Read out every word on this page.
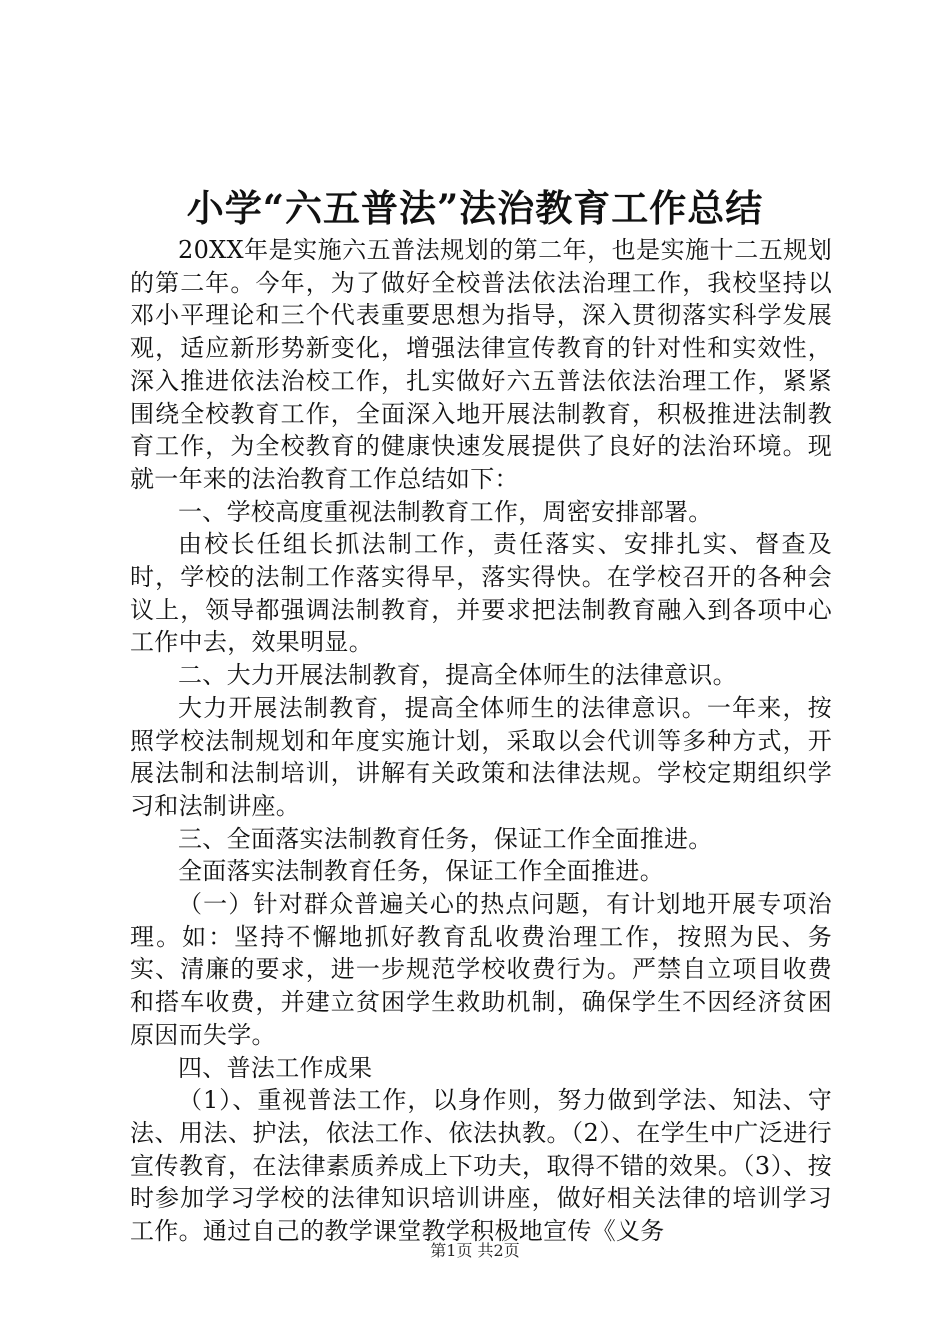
小学“六五普法”法治教育工作总结

20XX年是实施六五普法规划的第二年，也是实施十二五规划的第二年。今年，为了做好全校普法依法治理工作，我校坚持以邓小平理论和三个代表重要思想为指导，深入贯彻落实科学发展观，适应新形势新变化，增强法律宣传教育的针对性和实效性，深入推进依法治校工作，扎实做好六五普法依法治理工作，紧紧围绕全校教育工作，全面深入地开展法制教育，积极推进法制教育工作，为全校教育的健康快速发展提供了良好的法治环境。现就一年来的法治教育工作总结如下：

一、学校高度重视法制教育工作，周密安排部署。

由校长任组长抓法制工作，责任落实、安排扎实、督查及时，学校的法制工作落实得早，落实得快。在学校召开的各种会议上，领导都强调法制教育，并要求把法制教育融入到各项中心工作中去，效果明显。

二、大力开展法制教育，提高全体师生的法律意识。

大力开展法制教育，提高全体师生的法律意识。一年来，按照学校法制规划和年度实施计划，采取以会代训等多种方式，开展法制和法制培训，讲解有关政策和法律法规。学校定期组织学习和法制讲座。

三、全面落实法制教育任务，保证工作全面推进。

全面落实法制教育任务，保证工作全面推进。

（一）针对群众普遍关心的热点问题，有计划地开展专项治理。如：坚持不懈地抓好教育乱收费治理工作，按照为民、务实、清廉的要求，进一步规范学校收费行为。严禁自立项目收费和搭车收费，并建立贫困学生救助机制，确保学生不因经济贫困原因而失学。

四、普法工作成果

（1）、重视普法工作，以身作则，努力做到学法、知法、守法、用法、护法，依法工作、依法执教。（2）、在学生中广泛进行宣传教育，在法律素质养成上下功夫，取得不错的效果。（3）、按时参加学习学校的法律知识培训讲座，做好相关法律的培训学习工作。通过自己的教学课堂教学积极地宣传《义务

第1页 共2页
